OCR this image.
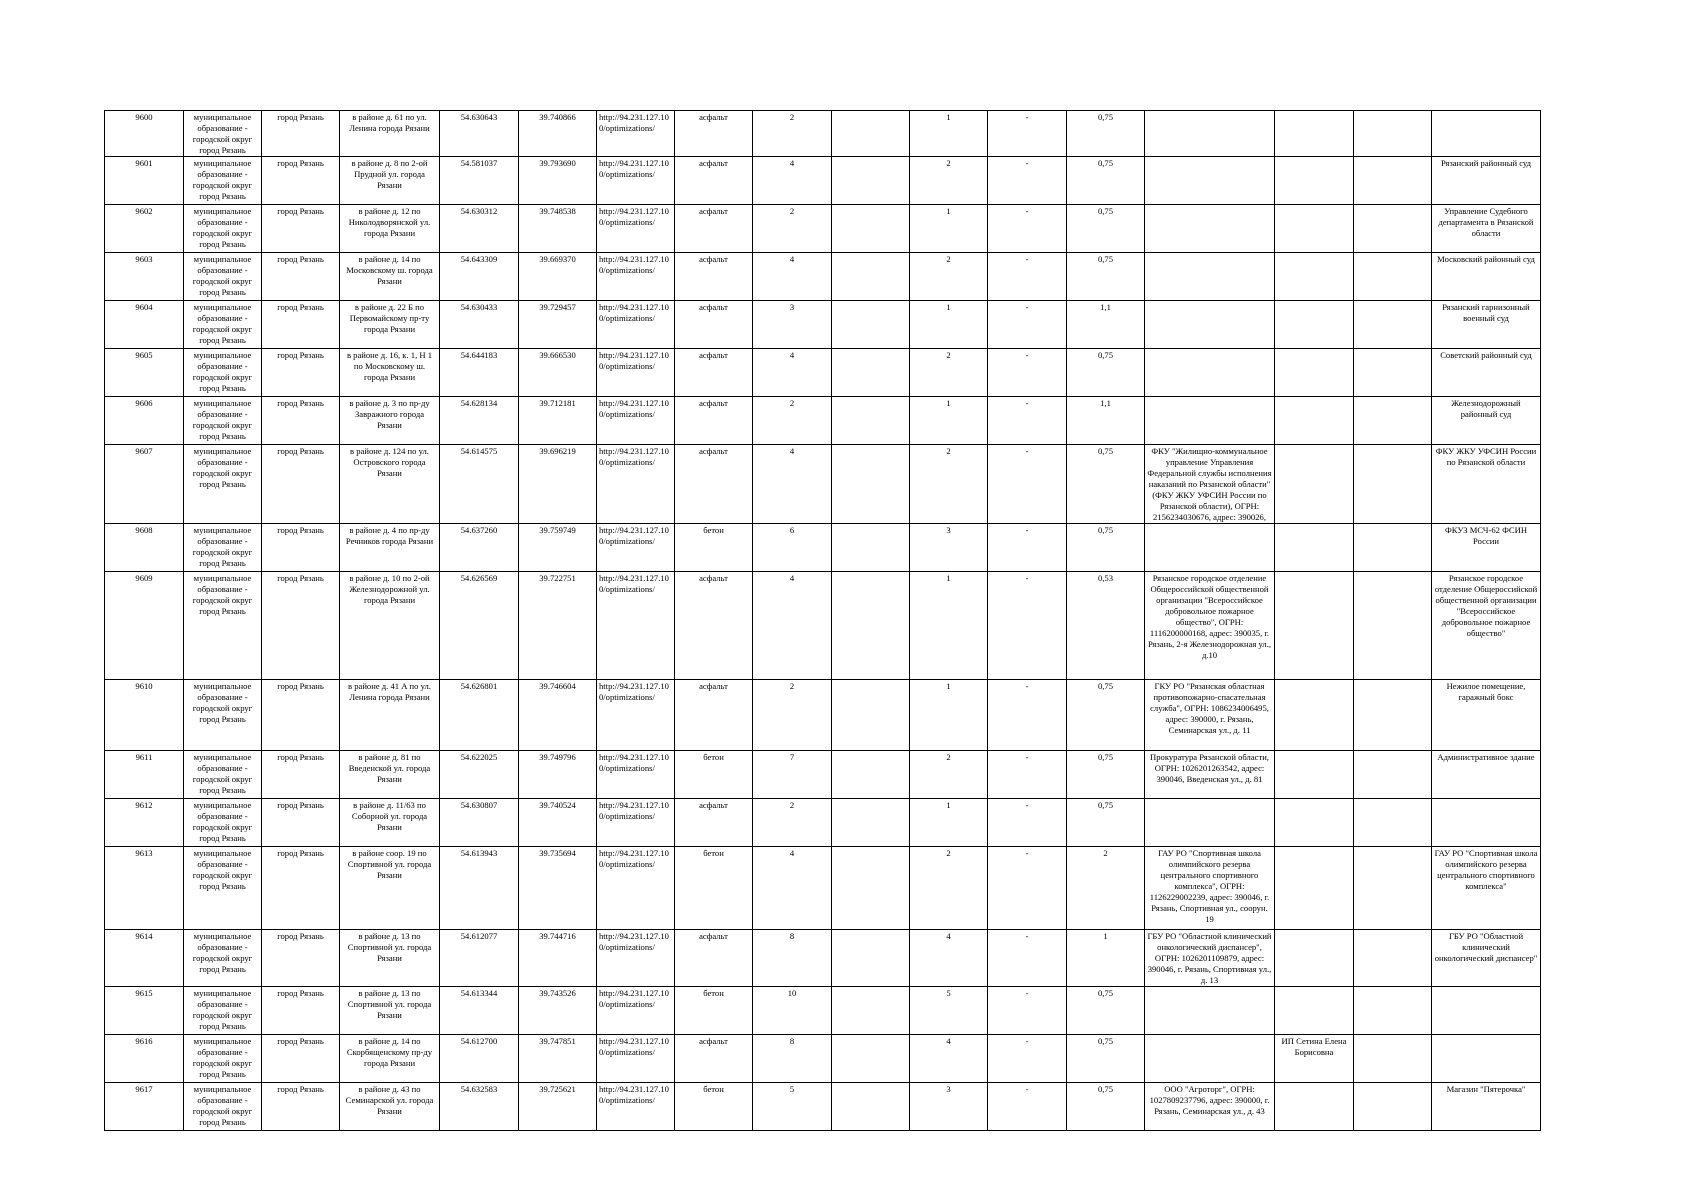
9600	муниципальное образование - городской округ город Рязань	город Рязань	в районе д. 61 по ул. Ленина города Рязани	54.630643	39.740866	http://94.231.127.100/optimizations/	асфальт	2		1	-	0,75				
9601	муниципальное образование - городской округ город Рязань	город Рязань	в районе д. 8 по 2-ой Прудной ул. города Рязани	54.581037	39.793690	http://94.231.127.100/optimizations/	асфальт	4		2	-	0,75				Рязанский районный суд
9602	муниципальное образование - городской округ город Рязань	город Рязань	в районе д. 12 по Николодворянской ул. города Рязани	54.630312	39.748538	http://94.231.127.100/optimizations/	асфальт	2		1	-	0,75				Управление Судебного департамента в Рязанской области
9603	муниципальное образование - городской округ город Рязань	город Рязань	в районе д. 14 по Московскому ш. города Рязани	54.643309	39.669370	http://94.231.127.100/optimizations/	асфальт	4		2	-	0,75				Московский районный суд
9604	муниципальное образование - городской округ город Рязань	город Рязань	в районе д. 22 Б по Первомайскому пр-ту города Рязани	54.630433	39.729457	http://94.231.127.100/optimizations/	асфальт	3		1	-	1,1				Рязанский гарнизонный военный суд
9605	муниципальное образование - городской округ город Рязань	город Рязань	в районе д. 16, к. 1, Н 1 по Московскому ш. города Рязани	54.644183	39.666530	http://94.231.127.100/optimizations/	асфальт	4		2	-	0,75				Советский районный суд
9606	муниципальное образование - городской округ город Рязань	город Рязань	в районе д. 3 по пр-ду Завражного города Рязани	54.628134	39.712181	http://94.231.127.100/optimizations/	асфальт	2		1	-	1,1				Железнодорожный районный суд
9607	муниципальное образование - городской округ город Рязань	город Рязань	в районе д. 124 по ул. Островского города Рязани	54.614575	39.696219	http://94.231.127.100/optimizations/	асфальт	4		2	-	0,75	ФКУ "Жилищно-коммунальное управление Управления Федеральной службы исполнения наказаний по Рязанской области" (ФКУ ЖКУ УФСИН России по Рязанской области), ОГРН: 2156234030676, адрес: 390026,			ФКУ ЖКУ УФСИН России по Рязанской области
9608	муниципальное образование - городской округ город Рязань	город Рязань	в районе д. 4 по пр-ду Речников города Рязани	54.637260	39.759749	http://94.231.127.100/optimizations/	бетон	6		3	-	0,75				ФКУЗ МСЧ-62 ФСИН России
9609	муниципальное образование - городской округ город Рязань	город Рязань	в районе д. 10 по 2-ой Железнодорожной ул. города Рязани	54.626569	39.722751	http://94.231.127.100/optimizations/	асфальт	4		1	-	0,53	Рязанское городское отделение Общероссийской общественной организации "Всероссийское добровольное пожарное общество", ОГРН: 1116200000168, адрес: 390035, г. Рязань, 2-я Железнодорожная ул., д.10			Рязанское городское отделение Общероссийской общественной организации "Всероссийское добровольное пожарное общество"
9610	муниципальное образование - городской округ город Рязань	город Рязань	в районе д. 41 А по ул. Ленина города Рязани	54.626801	39.746604	http://94.231.127.100/optimizations/	асфальт	2		1	-	0,75	ГКУ РО "Рязанская областная противопожарно-спасательная служба", ОГРН: 1086234006495, адрес: 390000, г. Рязань, Семинарская ул., д. 11			Нежилое помещение, гаражный бокс
9611	муниципальное образование - городской округ город Рязань	город Рязань	в районе д. 81 по Введенской ул. города Рязани	54.622025	39.749796	http://94.231.127.100/optimizations/	бетон	7		2	-	0,75	Прокуратура Рязанской области, ОГРН: 1026201263542, адрес: 390046, Введенская ул., д. 81			Административное здание
9612	муниципальное образование - городской округ город Рязань	город Рязань	в районе д. 11/63 по Соборной ул. города Рязани	54.630807	39.740524	http://94.231.127.100/optimizations/	асфальт	2		1	-	0,75				
9613	муниципальное образование - городской округ город Рязань	город Рязань	в районе соор. 19 по Спортивной ул. города Рязани	54.613943	39.735694	http://94.231.127.100/optimizations/	бетон	4		2	-	2	ГАУ РО "Спортивная школа олимпийского резерва центрального спортивного комплекса", ОГРН: 1126229002239, адрес: 390046, г. Рязань, Спортивная ул., соорун. 19			ГАУ РО "Спортивная школа олимпийского резерва центрального спортивного комплекса"
9614	муниципальное образование - городской округ город Рязань	город Рязань	в районе д. 13 по Спортивной ул. города Рязани	54.612077	39.744716	http://94.231.127.100/optimizations/	асфальт	8		4	-	1	ГБУ РО "Областной клинический онкологический диспансер", ОГРН: 1026201109879, адрес: 390046, г. Рязань, Спортивная ул., д. 13			ГБУ РО "Областной клинический онкологический диспансер"
9615	муниципальное образование - городской округ город Рязань	город Рязань	в районе д. 13 по Спортивной ул. города Рязани	54.613344	39.743526	http://94.231.127.100/optimizations/	бетон	10		5	-	0,75				
9616	муниципальное образование - городской округ город Рязань	город Рязань	в районе д. 14 по Скорбященскому пр-ду города Рязани	54.612700	39.747851	http://94.231.127.100/optimizations/	асфальт	8		4	-	0,75		ИП Сетина Елена Борисовна		
9617	муниципальное образование - городской округ город Рязань	город Рязань	в районе д. 43 по Семинарской ул. города Рязани	54.632583	39.725621	http://94.231.127.100/optimizations/	бетон	5		3	-	0,75	ООО "Агроторг", ОГРН: 1027809237796, адрес: 390000, г. Рязань, Семинарская ул., д. 43			Магазин "Пятерочка"
